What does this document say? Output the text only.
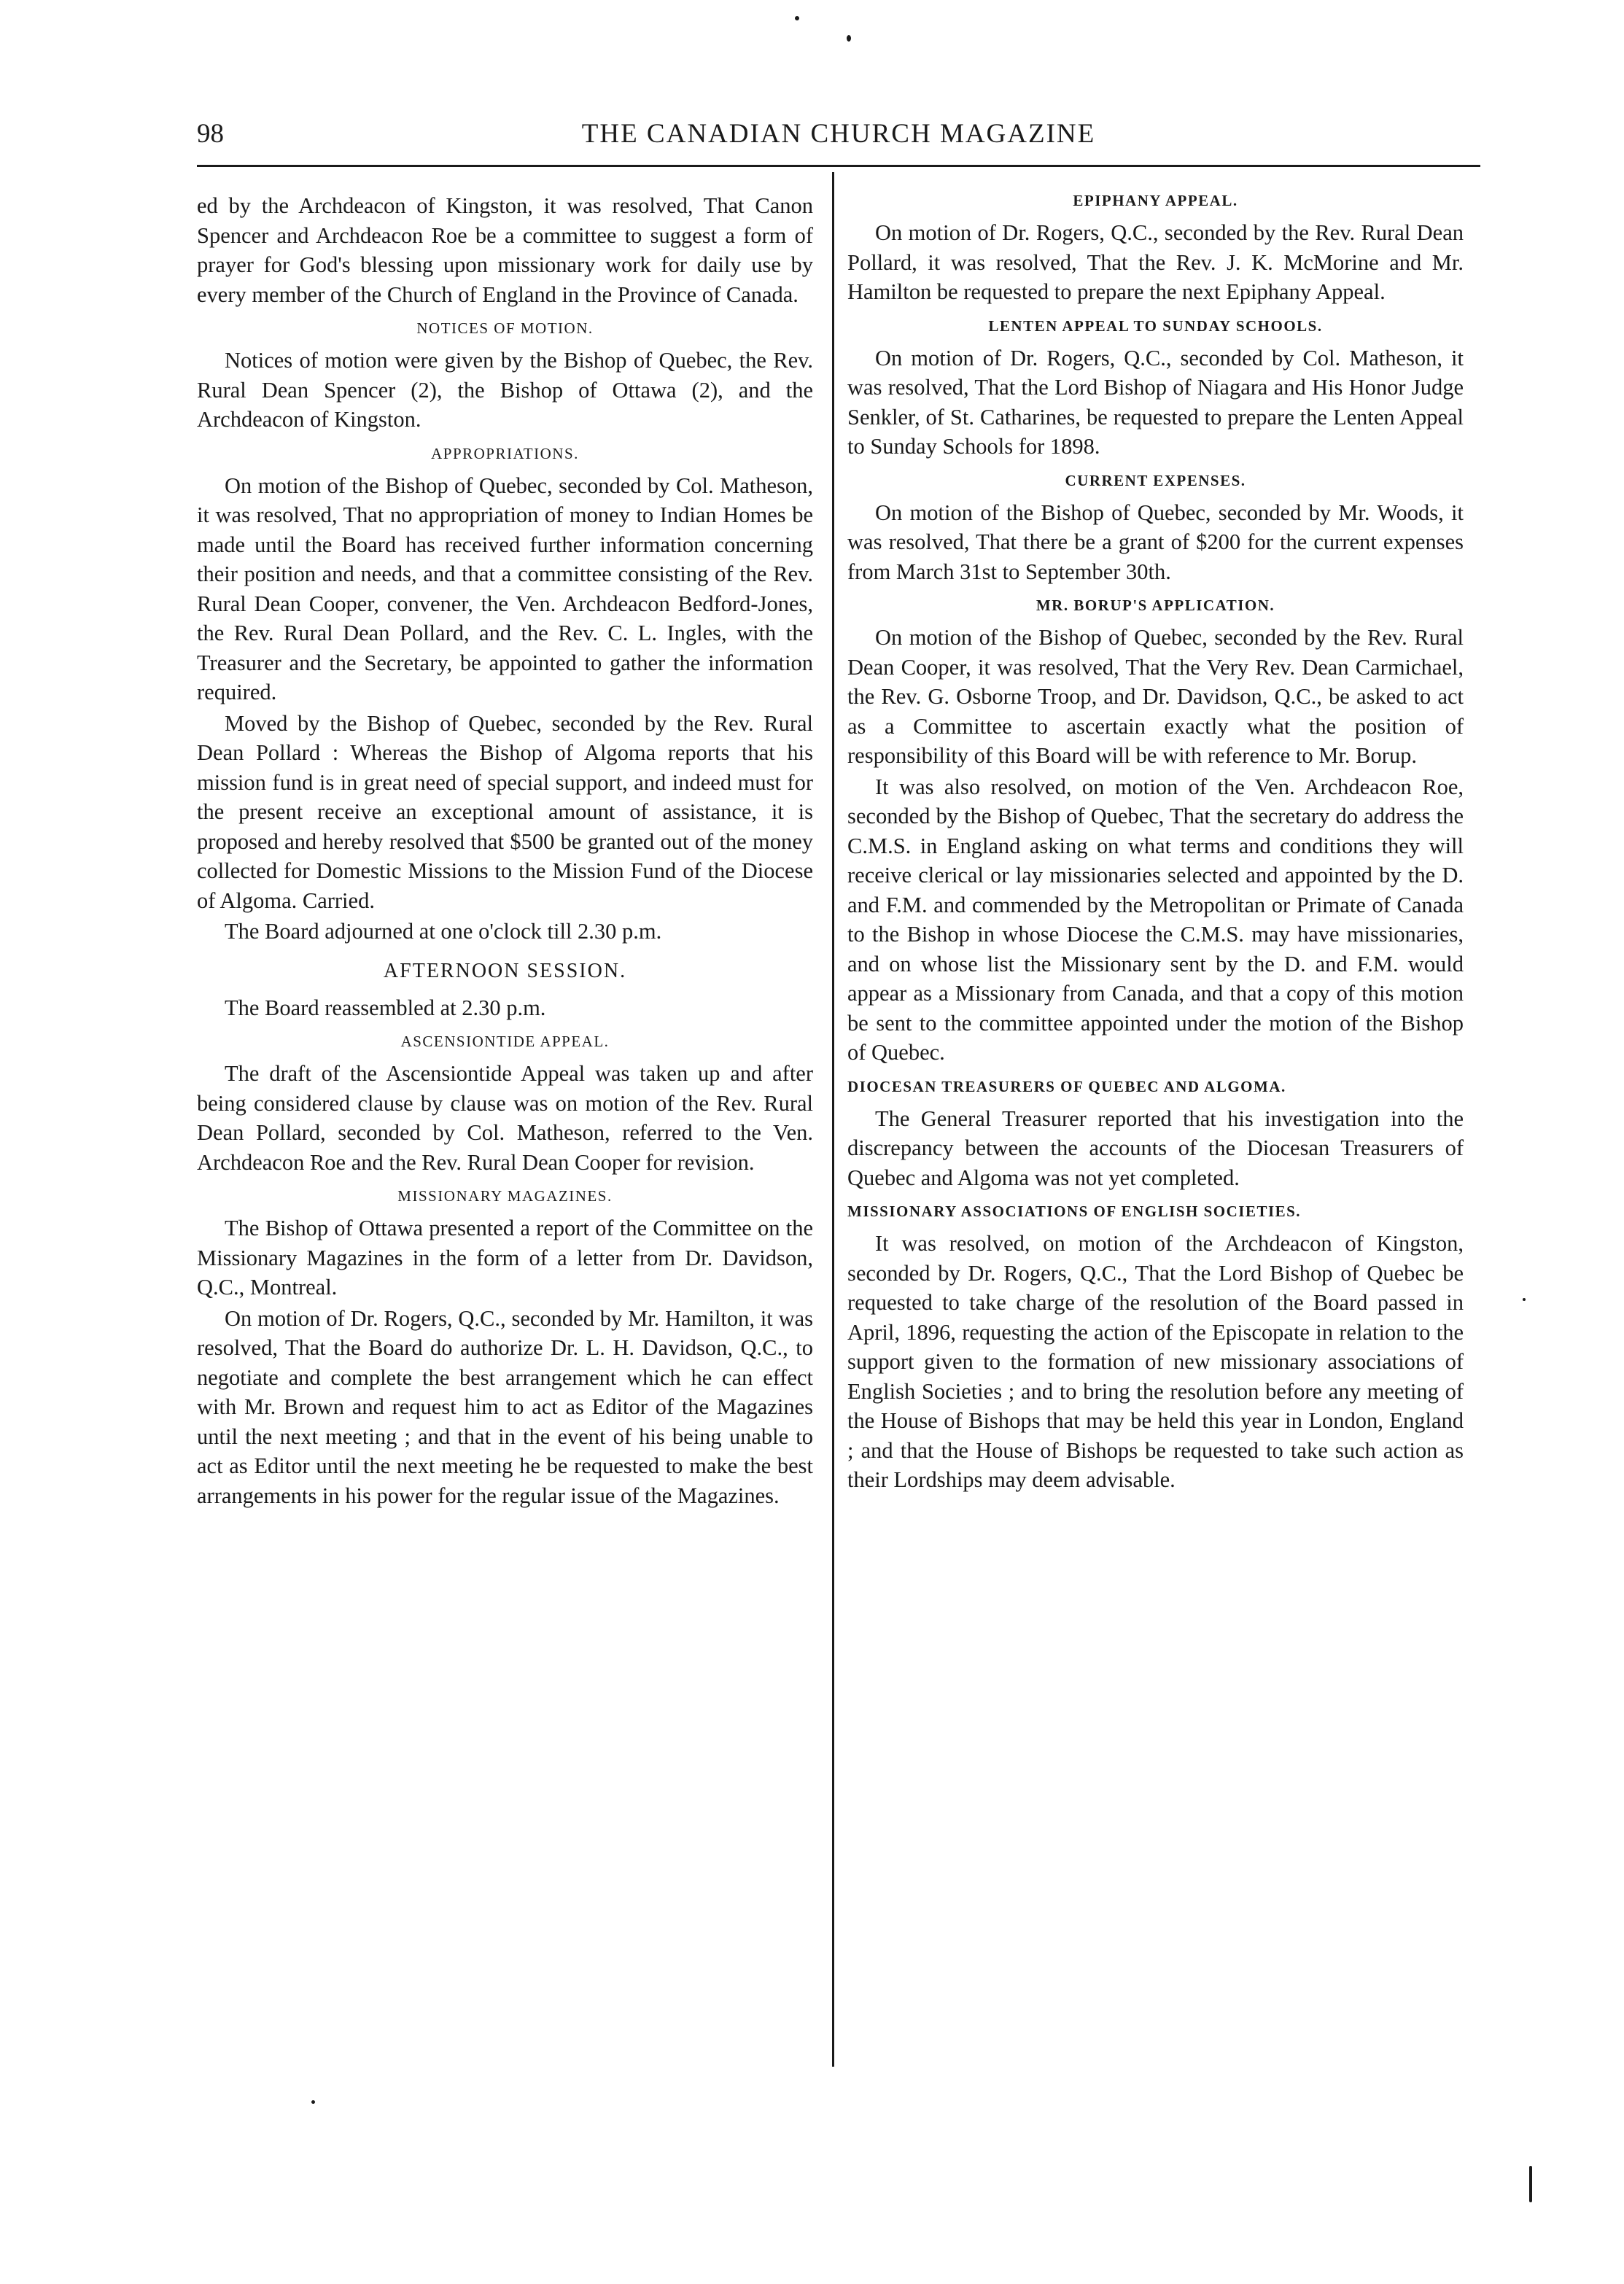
98	THE CANADIAN CHURCH MAGAZINE

ed by the Archdeacon of Kingston, it was resolved, That Canon Spencer and Archdeacon Roe be a committee to suggest a form of prayer for God's blessing upon missionary work for daily use by every member of the Church of England in the Province of Canada.

NOTICES OF MOTION.

Notices of motion were given by the Bishop of Quebec, the Rev. Rural Dean Spencer (2), the Bishop of Ottawa (2), and the Archdeacon of Kingston.

APPROPRIATIONS.

On motion of the Bishop of Quebec, seconded by Col. Matheson, it was resolved, That no appropriation of money to Indian Homes be made until the Board has received further information concerning their position and needs, and that a committee consisting of the Rev. Rural Dean Cooper, convener, the Ven. Archdeacon Bedford-Jones, the Rev. Rural Dean Pollard, and the Rev. C. L. Ingles, with the Treasurer and the Secretary, be appointed to gather the information required.

Moved by the Bishop of Quebec, seconded by the Rev. Rural Dean Pollard : Whereas the Bishop of Algoma reports that his mission fund is in great need of special support, and indeed must for the present receive an exceptional amount of assistance, it is proposed and hereby resolved that $500 be granted out of the money collected for Domestic Missions to the Mission Fund of the Diocese of Algoma. Carried.

The Board adjourned at one o'clock till 2.30 p.m.

AFTERNOON SESSION.

The Board reassembled at 2.30 p.m.

ASCENSIONTIDE APPEAL.

The draft of the Ascensiontide Appeal was taken up and after being considered clause by clause was on motion of the Rev. Rural Dean Pollard, seconded by Col. Matheson, referred to the Ven. Archdeacon Roe and the Rev. Rural Dean Cooper for revision.

MISSIONARY MAGAZINES.

The Bishop of Ottawa presented a report of the Committee on the Missionary Magazines in the form of a letter from Dr. Davidson, Q.C., Montreal.

On motion of Dr. Rogers, Q.C., seconded by Mr. Hamilton, it was resolved, That the Board do authorize Dr. L. H. Davidson, Q.C., to negotiate and complete the best arrangement which he can effect with Mr. Brown and request him to act as Editor of the Magazines until the next meeting ; and that in the event of his being unable to act as Editor until the next meeting he be requested to make the best arrangements in his power for the regular issue of the Magazines.

EPIPHANY APPEAL.

On motion of Dr. Rogers, Q.C., seconded by the Rev. Rural Dean Pollard, it was resolved, That the Rev. J. K. McMorine and Mr. Hamilton be requested to prepare the next Epiphany Appeal.

LENTEN APPEAL TO SUNDAY SCHOOLS.

On motion of Dr. Rogers, Q.C., seconded by Col. Matheson, it was resolved, That the Lord Bishop of Niagara and His Honor Judge Senkler, of St. Catharines, be requested to prepare the Lenten Appeal to Sunday Schools for 1898.

CURRENT EXPENSES.

On motion of the Bishop of Quebec, seconded by Mr. Woods, it was resolved, That there be a grant of $200 for the current expenses from March 31st to September 30th.

MR. BORUP'S APPLICATION.

On motion of the Bishop of Quebec, seconded by the Rev. Rural Dean Cooper, it was resolved, That the Very Rev. Dean Carmichael, the Rev. G. Osborne Troop, and Dr. Davidson, Q.C., be asked to act as a Committee to ascertain exactly what the position of responsibility of this Board will be with reference to Mr. Borup.

It was also resolved, on motion of the Ven. Archdeacon Roe, seconded by the Bishop of Quebec, That the secretary do address the C.M.S. in England asking on what terms and conditions they will receive clerical or lay missionaries selected and appointed by the D. and F.M. and commended by the Metropolitan or Primate of Canada to the Bishop in whose Diocese the C.M.S. may have missionaries, and on whose list the Missionary sent by the D. and F.M. would appear as a Missionary from Canada, and that a copy of this motion be sent to the committee appointed under the motion of the Bishop of Quebec.

DIOCESAN TREASURERS OF QUEBEC AND ALGOMA.

The General Treasurer reported that his investigation into the discrepancy between the accounts of the Diocesan Treasurers of Quebec and Algoma was not yet completed.

MISSIONARY ASSOCIATIONS OF ENGLISH SOCIETIES.

It was resolved, on motion of the Archdeacon of Kingston, seconded by Dr. Rogers, Q.C., That the Lord Bishop of Quebec be requested to take charge of the resolution of the Board passed in April, 1896, requesting the action of the Episcopate in relation to the support given to the formation of new missionary associations of English Societies ; and to bring the resolution before any meeting of the House of Bishops that may be held this year in London, England ; and that the House of Bishops be requested to take such action as their Lordships may deem advisable.
